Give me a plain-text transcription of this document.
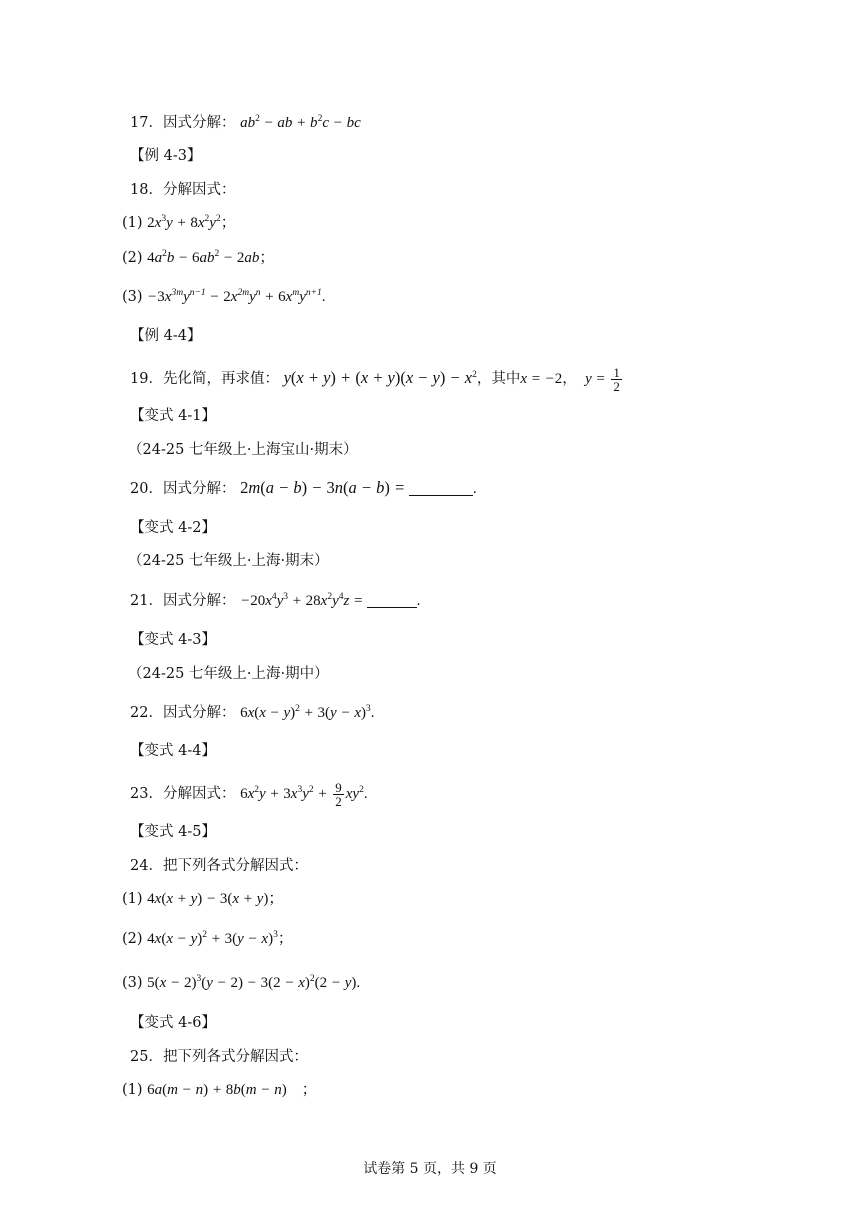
17．因式分解： $ab^2$ − ab + $b^2c$ − bc
【例 4-3】
18．分解因式：
(1) $2x^3y + 8x^2y^2$；
(2) $4a^2b - 6ab^2 - 2ab$；
$(3) -3x^{3m}y^{n-1} - 2x^{2m}y^n + 6x^my^{n+1}$.
【例 4-4】
19．先化简，再求值： $y(x + y) + (x + y)(x - y) - x^2$，其中x = −2，  $y = \frac{1}{2}$
【变式 4-1】
（24-25 七年级上·上海宝山·期末）
20．因式分解： 2m(a − b) − 3n(a − b) =	.
【变式 4-2】
（24-25 七年级上·上海·期末）
21．因式分解： $-20x^4y^3 + 28x^2y^4z$ =	.
【变式 4-3】
（24-25 七年级上·上海·期中）
22．因式分解： $6x(x - y)^2 + 3(y - x)^3$.
【变式 4-4】
23．分解因式： $6x^2y + 3x^3y^2 + \frac{9}{2} xy^2$.
【变式 4-5】
24．把下列各式分解因式：
(1) 4x(x + y) − 3(x + y)；
(2) $4x(x - y)^2 + 3(y - x)^3$；
(3) $5(x - 2)^3(y - 2) - 3(2 - x)^2(2 - y)$.
【变式 4-6】
25．把下列各式分解因式：
(1) 6a(m − n) + 8b(m − n) ；
试卷第 5 页，共 9 页
